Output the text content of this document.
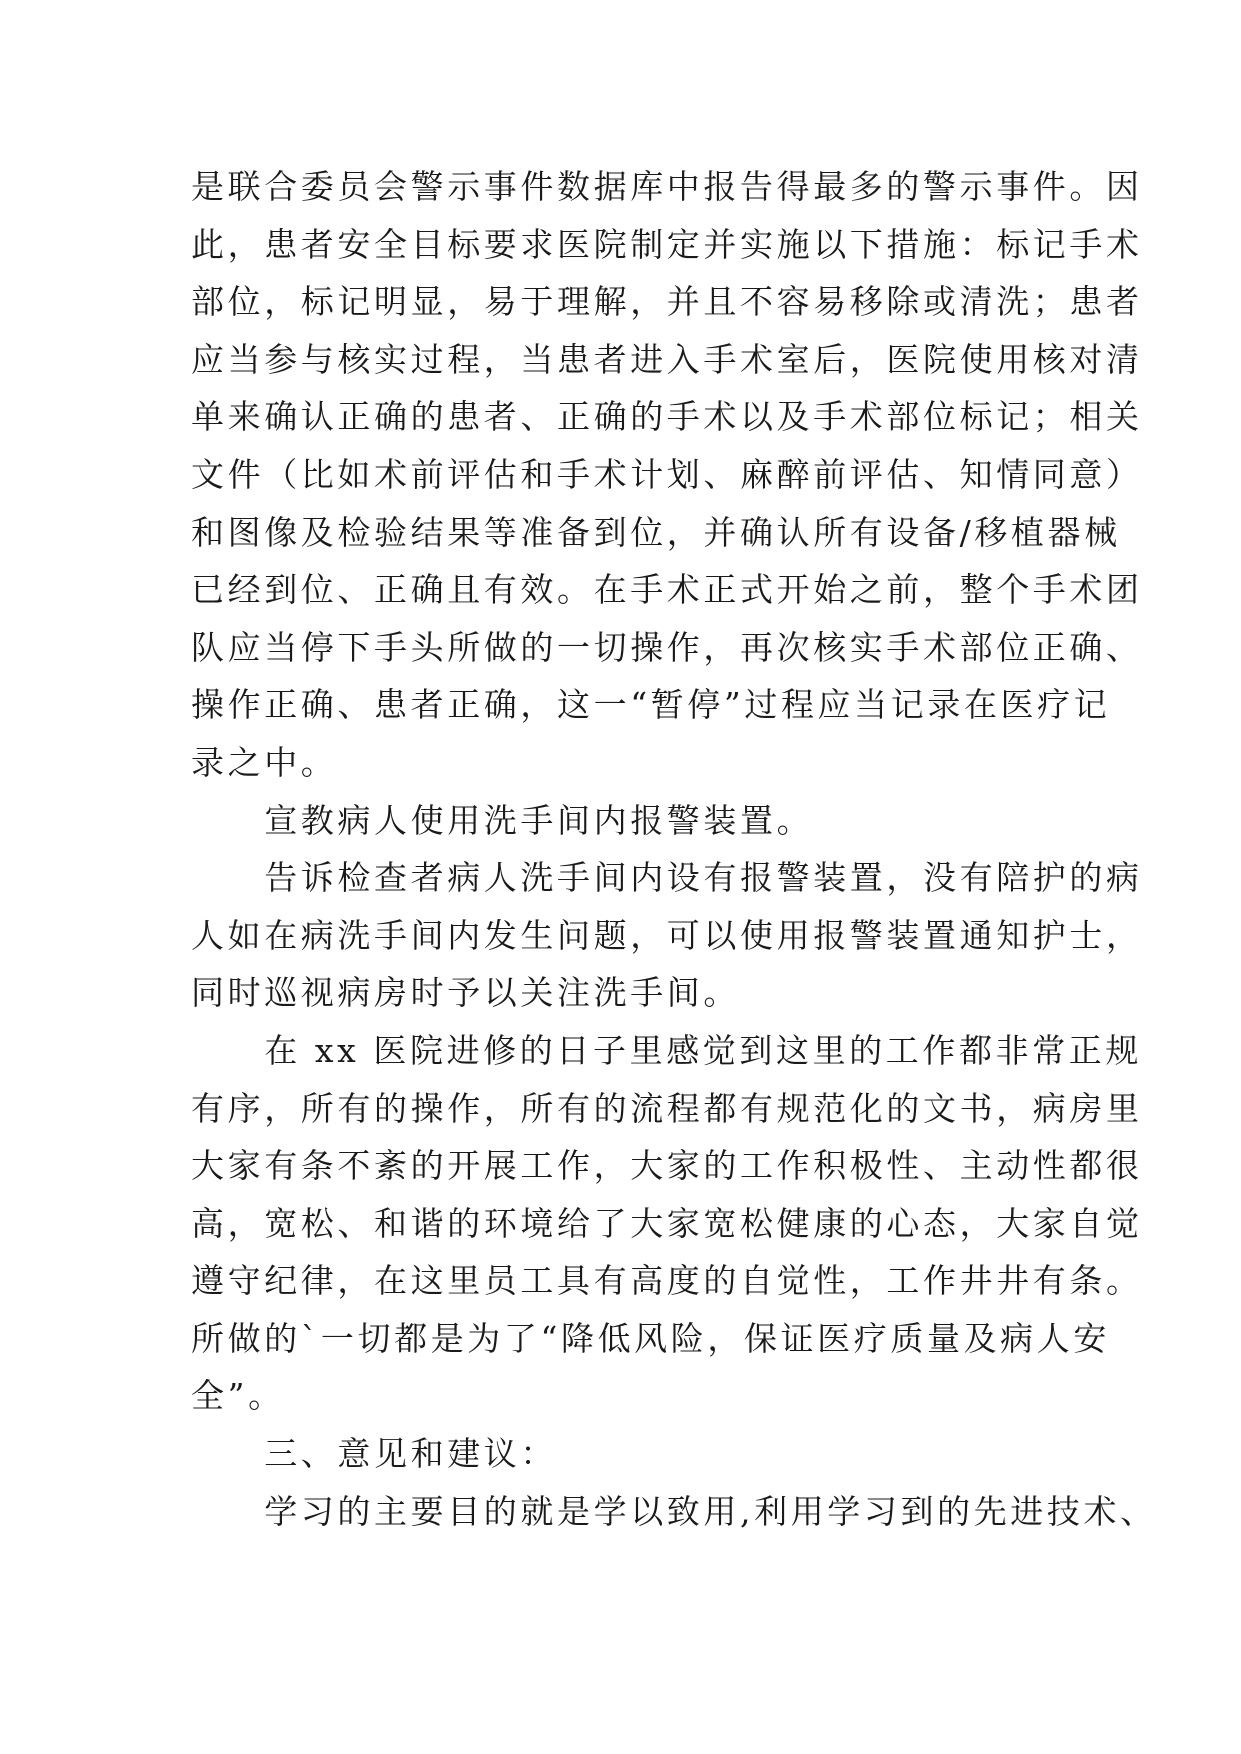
是联合委员会警示事件数据库中报告得最多的警示事件。因
此，患者安全目标要求医院制定并实施以下措施：标记手术
部位，标记明显，易于理解，并且不容易移除或清洗；患者
应当参与核实过程，当患者进入手术室后，医院使用核对清
单来确认正确的患者、正确的手术以及手术部位标记；相关
文件（比如术前评估和手术计划、麻醉前评估、知情同意）
和图像及检验结果等准备到位，并确认所有设备/移植器械
已经到位、正确且有效。在手术正式开始之前，整个手术团
队应当停下手头所做的一切操作，再次核实手术部位正确、
操作正确、患者正确，这一“暂停”过程应当记录在医疗记
录之中。
　　宣教病人使用洗手间内报警装置。
　　告诉检查者病人洗手间内设有报警装置，没有陪护的病
人如在病洗手间内发生问题，可以使用报警装置通知护士，
同时巡视病房时予以关注洗手间。
　　在 xx 医院进修的日子里感觉到这里的工作都非常正规
有序，所有的操作，所有的流程都有规范化的文书，病房里
大家有条不紊的开展工作，大家的工作积极性、主动性都很
高，宽松、和谐的环境给了大家宽松健康的心态，大家自觉
遵守纪律，在这里员工具有高度的自觉性，工作井井有条。
所做的`一切都是为了“降低风险，保证医疗质量及病人安
全”。
　　三、意见和建议：
　　学习的主要目的就是学以致用,利用学习到的先进技术、
